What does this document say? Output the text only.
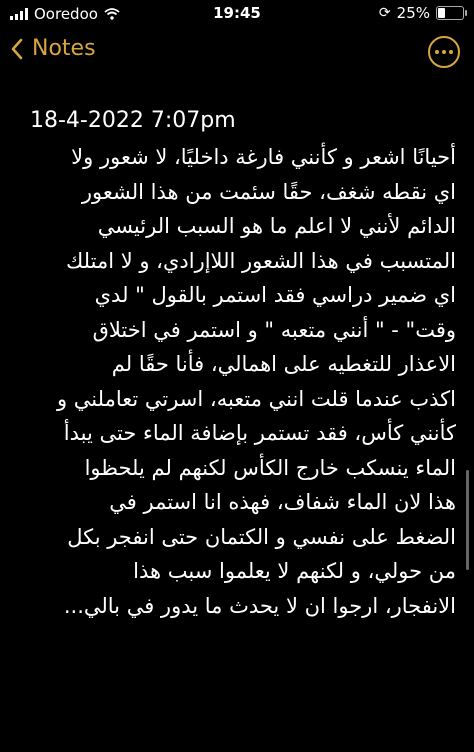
Ooredoo	19:45	⟳ 25%
Notes
18-4-2022 7:07pm
أحيانًا اشعر و كأنني فارغة داخليًا، لا شعور ولا
اي نقطه شغف، حقًا سئمت من هذا الشعور
الدائم لأنني لا اعلم ما هو السبب الرئيسي
المتسبب في هذا الشعور اللاإرادي، و لا امتلك
اي ضمير دراسي فقد استمر بالقول " لدي
وقت" - " أنني متعبه " و استمر في اختلاق
الاعذار للتغطيه على اهمالي، فأنا حقًا لم
اكذب عندما قلت انني متعبه، اسرتي تعاملني و
كأنني كأس، فقد تستمر بإضافة الماء حتى يبدأ
الماء ينسكب خارج الكأس لكنهم لم يلحظوا
هذا لان الماء شفاف، فهذه انا استمر في
الضغط على نفسي و الكتمان حتى انفجر بكل
من حولي، و لكنهم لا يعلموا سبب هذا
الانفجار، ارجوا ان لا يحدث ما يدور في بالي...
